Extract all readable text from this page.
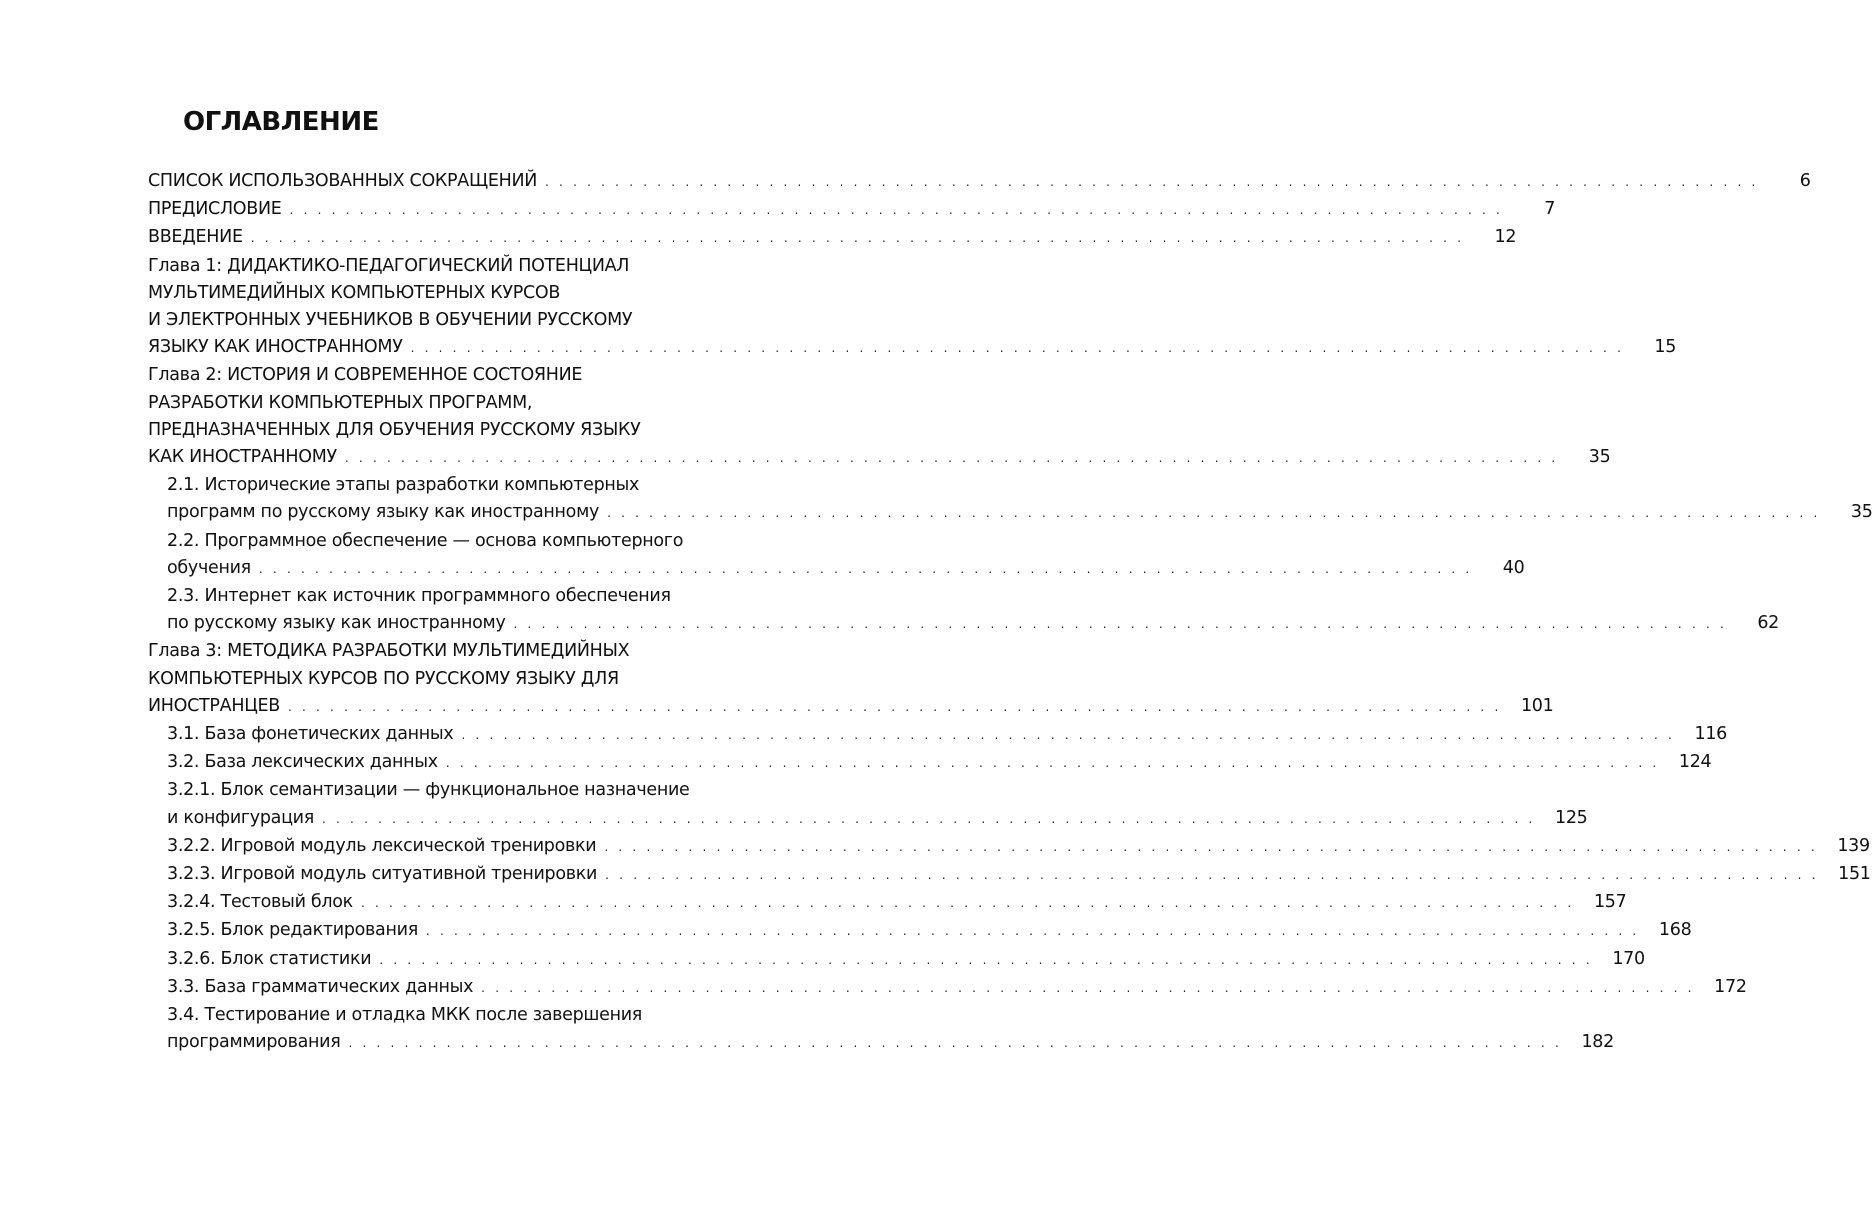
ОГЛАВЛЕНИЕ
СПИСОК ИСПОЛЬЗОВАННЫХ СОКРАЩЕНИЙ . . . . . . . . . . . . . . . . . . . . . . . . . . . . . . . . . . . . . . . . . . . . . . . . . . . . . . . . . . . . . . . . . . . . . . . . . . . . . . . . . . . . . . .	6
ПРЕДИСЛОВИЕ . . . . . . . . . . . . . . . . . . . . . . . . . . . . . . . . . . . . . . . . . . . . . . . . . . . . . . . . . . . . . . . . . . . . . . . . . . . . . . . . . . . . . . .	7
ВВЕДЕНИЕ . . . . . . . . . . . . . . . . . . . . . . . . . . . . . . . . . . . . . . . . . . . . . . . . . . . . . . . . . . . . . . . . . . . . . . . . . . . . . . . . . . . . . . .	12
Глава 1: ДИДАКТИКО-ПЕДАГОГИЧЕСКИЙ ПОТЕНЦИАЛ
МУЛЬТИМЕДИЙНЫХ КОМПЬЮТЕРНЫХ КУРСОВ
И ЭЛЕКТРОННЫХ УЧЕБНИКОВ В ОБУЧЕНИИ РУССКОМУ
ЯЗЫКУ КАК ИНОСТРАННОМУ . . . . . . . . . . . . . . . . . . . . . . . . . . . . . . . . . . . . . . . . . . . . . . . . . . . . . . . . . . . . . . . . . . . . . . . . . . . . . . . . . . . . . . .	15
Глава 2: ИСТОРИЯ И СОВРЕМЕННОЕ СОСТОЯНИЕ
РАЗРАБОТКИ КОМПЬЮТЕРНЫХ ПРОГРАММ,
ПРЕДНАЗНАЧЕННЫХ ДЛЯ ОБУЧЕНИЯ РУССКОМУ ЯЗЫКУ
КАК ИНОСТРАННОМУ . . . . . . . . . . . . . . . . . . . . . . . . . . . . . . . . . . . . . . . . . . . . . . . . . . . . . . . . . . . . . . . . . . . . . . . . . . . . . . . . . . . . . . .	35
2.1. Исторические этапы разработки компьютерных
программ по русскому языку как иностранному . . . . . . . . . . . . . . . . . . . . . . . . . . . . . . . . . . . . . . . . . . . . . . . . . . . . . . . . . . . . . . . . . . . . . . . . . . . . . . . . . . . . . . .	35
2.2. Программное обеспечение — основа компьютерного
обучения . . . . . . . . . . . . . . . . . . . . . . . . . . . . . . . . . . . . . . . . . . . . . . . . . . . . . . . . . . . . . . . . . . . . . . . . . . . . . . . . . . . . . . .	40
2.3. Интернет как источник программного обеспечения
по русскому языку как иностранному . . . . . . . . . . . . . . . . . . . . . . . . . . . . . . . . . . . . . . . . . . . . . . . . . . . . . . . . . . . . . . . . . . . . . . . . . . . . . . . . . . . . . . .	62
Глава 3: МЕТОДИКА РАЗРАБОТКИ МУЛЬТИМЕДИЙНЫХ
КОМПЬЮТЕРНЫХ КУРСОВ ПО РУССКОМУ ЯЗЫКУ ДЛЯ
ИНОСТРАНЦЕВ . . . . . . . . . . . . . . . . . . . . . . . . . . . . . . . . . . . . . . . . . . . . . . . . . . . . . . . . . . . . . . . . . . . . . . . . . . . . . . . . . . . . . . .	101
3.1. База фонетических данных . . . . . . . . . . . . . . . . . . . . . . . . . . . . . . . . . . . . . . . . . . . . . . . . . . . . . . . . . . . . . . . . . . . . . . . . . . . . . . . . . . . . . . .	116
3.2. База лексических данных . . . . . . . . . . . . . . . . . . . . . . . . . . . . . . . . . . . . . . . . . . . . . . . . . . . . . . . . . . . . . . . . . . . . . . . . . . . . . . . . . . . . . . .	124
3.2.1. Блок семантизации — функциональное назначение
и конфигурация . . . . . . . . . . . . . . . . . . . . . . . . . . . . . . . . . . . . . . . . . . . . . . . . . . . . . . . . . . . . . . . . . . . . . . . . . . . . . . . . . . . . . . .	125
3.2.2. Игровой модуль лексической тренировки . . . . . . . . . . . . . . . . . . . . . . . . . . . . . . . . . . . . . . . . . . . . . . . . . . . . . . . . . . . . . . . . . . . . . . . . . . . . . . . . . . . . . . .	139
3.2.3. Игровой модуль ситуативной тренировки . . . . . . . . . . . . . . . . . . . . . . . . . . . . . . . . . . . . . . . . . . . . . . . . . . . . . . . . . . . . . . . . . . . . . . . . . . . . . . . . . . . . . . .	151
3.2.4. Тестовый блок . . . . . . . . . . . . . . . . . . . . . . . . . . . . . . . . . . . . . . . . . . . . . . . . . . . . . . . . . . . . . . . . . . . . . . . . . . . . . . . . . . . . . . .	157
3.2.5. Блок редактирования . . . . . . . . . . . . . . . . . . . . . . . . . . . . . . . . . . . . . . . . . . . . . . . . . . . . . . . . . . . . . . . . . . . . . . . . . . . . . . . . . . . . . . .	168
3.2.6. Блок статистики . . . . . . . . . . . . . . . . . . . . . . . . . . . . . . . . . . . . . . . . . . . . . . . . . . . . . . . . . . . . . . . . . . . . . . . . . . . . . . . . . . . . . . .	170
3.3. База грамматических данных . . . . . . . . . . . . . . . . . . . . . . . . . . . . . . . . . . . . . . . . . . . . . . . . . . . . . . . . . . . . . . . . . . . . . . . . . . . . . . . . . . . . . . .	172
3.4. Тестирование и отладка МКК после завершения
программирования . . . . . . . . . . . . . . . . . . . . . . . . . . . . . . . . . . . . . . . . . . . . . . . . . . . . . . . . . . . . . . . . . . . . . . . . . . . . . . . . . . . . . . .	182
